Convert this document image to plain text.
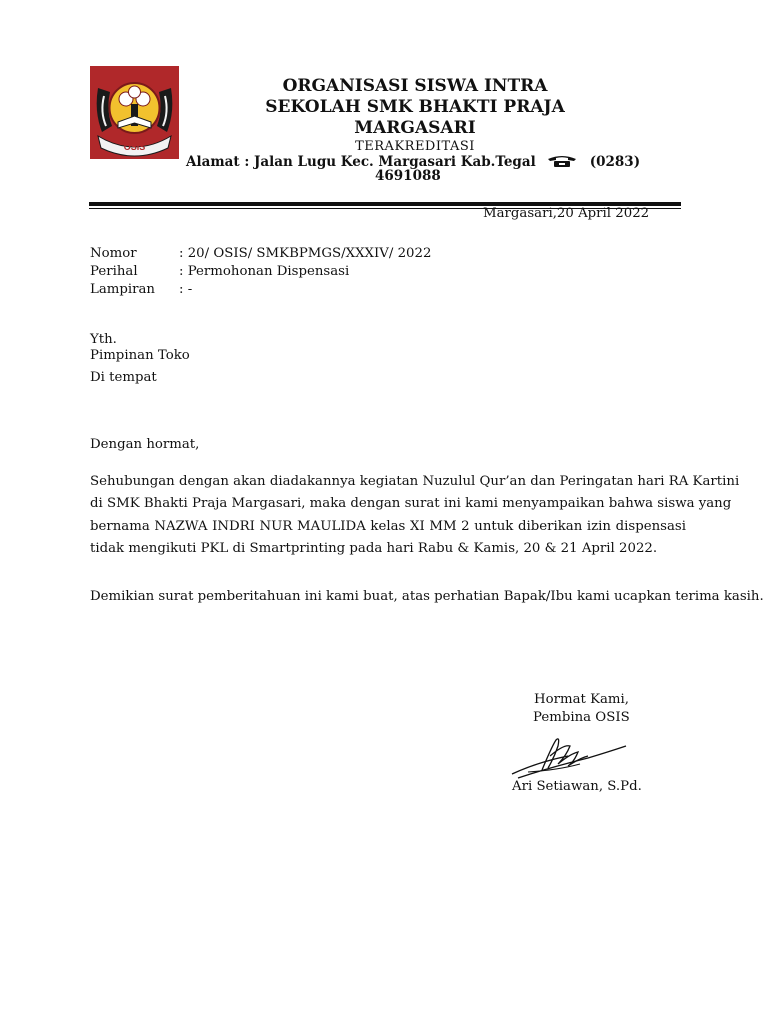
OSIS
ORGANISASI SISWA INTRA
SEKOLAH SMK BHAKTI PRAJA
MARGASARI
TERAKREDITASI
Alamat : Jalan Lugu Kec. Margasari Kab.Tegal	(0283)
4691088
Margasari,20 April 2022
Nomor	: 20/ OSIS/ SMKBPMGS/XXXIV/ 2022
Perihal	: Permohonan Dispensasi
Lampiran : -
Yth.
Pimpinan Toko
Di tempat
Dengan hormat,
Sehubungan dengan akan diadakannya kegiatan Nuzulul Qur’an dan Peringatan hari RA Kartini
di SMK Bhakti Praja Margasari, maka dengan surat ini kami menyampaikan bahwa siswa yang
bernama NAZWA INDRI NUR MAULIDA kelas XI MM 2 untuk diberikan izin dispensasi
tidak mengikuti PKL di Smartprinting pada hari Rabu & Kamis, 20 & 21 April 2022.
Demikian surat pemberitahuan ini kami buat, atas perhatian Bapak/Ibu kami ucapkan terima kasih.
Hormat Kami,
Pembina OSIS
Ari Setiawan, S.Pd.
